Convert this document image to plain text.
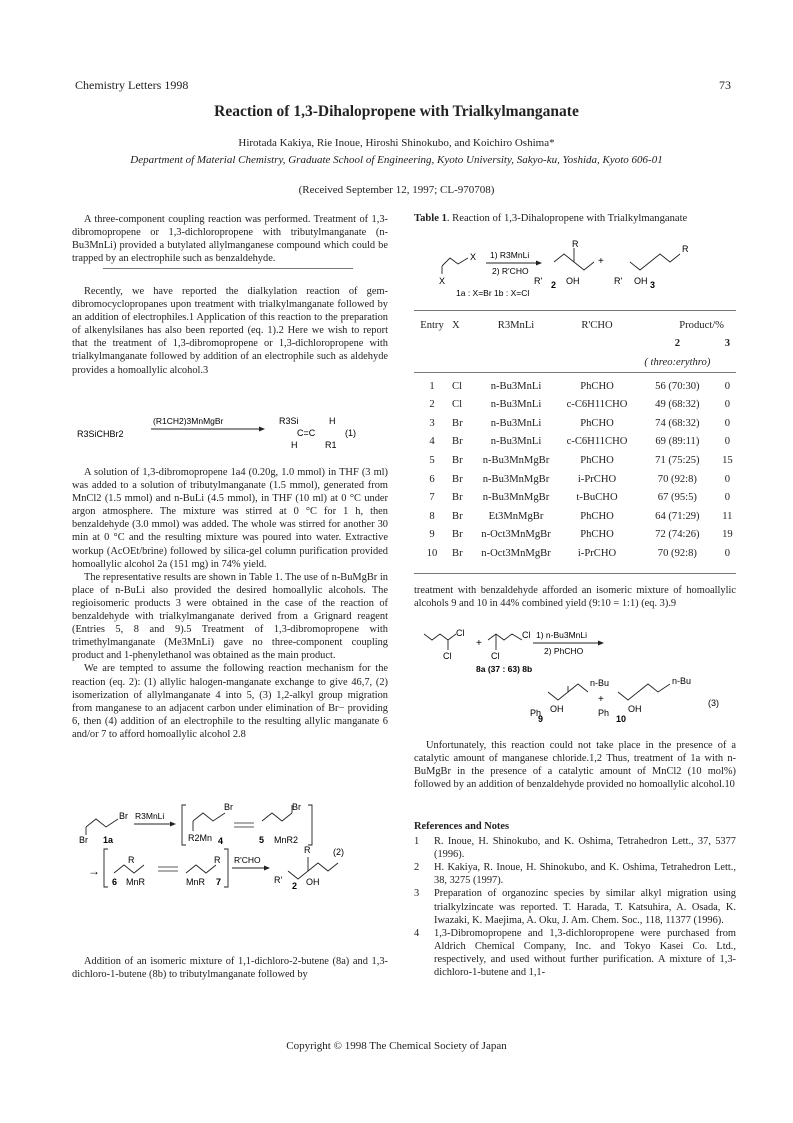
Chemistry Letters 1998	73
Reaction of 1,3-Dihalopropene with Trialkylmanganate
Hirotada Kakiya, Rie Inoue, Hiroshi Shinokubo, and Koichiro Oshima*
Department of Material Chemistry, Graduate School of Engineering, Kyoto University, Sakyo-ku, Yoshida, Kyoto 606-01
(Received September 12, 1997; CL-970708)

A three-component coupling reaction was performed. Treatment of 1,3-dibromopropene or 1,3-dichloropropene with tributylmanganate (n-Bu3MnLi) provided a butylated allylmanganese compound which could be trapped by an electrophile such as benzaldehyde.

Recently, we have reported the dialkylation reaction of gem-dibromocyclopropanes upon treatment with trialkylmanganate followed by an addition of electrophiles.1 Application of this reaction to the preparation of alkenylsilanes has also been reported (eq. 1).2 Here we wish to report that the treatment of 1,3-dibromopropene or 1,3-dichloropropene with trialkylmanganate followed by addition of an electrophile such as aldehyde provides a homoallylic alcohol.3

R3SiCHBr2
(R1CH2)3MnMgBr	R3Si
C=C
H
H	R1
(1)

A solution of 1,3-dibromopropene 1a4 (0.20g, 1.0 mmol) in THF (3 ml) was added to a solution of tributylmanganate (1.5 mmol), generated from MnCl2 (1.5 mmol) and n-BuLi (4.5 mmol), in THF (10 ml) at 0 °C under argon atmosphere. The mixture was stirred at 0 °C for 1 h, then benzaldehyde (3.0 mmol) was added. The whole was stirred for another 30 min at 0 °C and the resulting mixture was poured into water. Extractive workup (AcOEt/brine) followed by silica-gel column purification provided homoallylic alcohol 2a (151 mg) in 74% yield.

The representative results are shown in Table 1. The use of n-BuMgBr in place of n-BuLi also provided the desired homoallylic alcohols. The regioisomeric products 3 were obtained in the case of the reaction of benzaldehyde with trialkylmanganate derived from a Grignard reagent (Entries 5, 8 and 9).5 Treatment of 1,3-dibromopropene with trimethylmanganate (Me3MnLi) gave no three-component coupling product and 1-phenylethanol was obtained as the main product.

We are tempted to assume the following reaction mechanism for the reaction (eq. 2): (1) allylic halogen-manganate exchange to give 46,7, (2) isomerization of allylmanganate 4 into 5, (3) 1,2-alkyl group migration from manganese to an adjacent carbon under elimination of Br− providing 6, then (4) addition of an electrophile to the resulting allylic manganate 6 and/or 7 to afford homoallylic alcohol 2.8

Br
Br 1a
R3MnLi
Br
R2Mn 4
Br
5 MnR2
(2)
→
R
6 MnR
R
MnR 7
R'CHO
R
R'
2 OH

Addition of an isomeric mixture of 1,1-dichloro-2-butene (8a) and 1,3-dichloro-1-butene (8b) to tributylmanganate followed by

Table 1. Reaction of 1,3-Dihalopropene with Trialkylmanganate
X
X
1) R3MnLi
2) R'CHO
R
R' 2 OH
+
R
R' OH 3
1a : X=Br 1b : X=Cl
Entry	X	R3MnLi	R'CHO	Product/%	
				2	3
				( threo:erythro)	

1	Cl	n-Bu3MnLi	PhCHO	56 (70:30)	0
2	Cl	n-Bu3MnLi	c-C6H11CHO	49 (68:32)	0
3	Br	n-Bu3MnLi	PhCHO	74 (68:32)	0
4	Br	n-Bu3MnLi	c-C6H11CHO	69 (89:11)	0
5	Br	n-Bu3MnMgBr	PhCHO	71 (75:25)	15
6	Br	n-Bu3MnMgBr	i-PrCHO	70 (92:8)	0
7	Br	n-Bu3MnMgBr	t-BuCHO	67 (95:5)	0
8	Br	Et3MnMgBr	PhCHO	64 (71:29)	11
9	Br	n-Oct3MnMgBr	PhCHO	72 (74:26)	19
10	Br	n-Oct3MnMgBr	i-PrCHO	70 (92:8)	0

treatment with benzaldehyde afforded an isomeric mixture of homoallylic alcohols 9 and 10 in 44% combined yield (9:10 = 1:1) (eq. 3).9

Cl
Cl
+
Cl
Cl 1) n-Bu3MnLi
2) PhCHO
8a (37 : 63) 8b
n-Bu
Ph OH
9
+
n-Bu
Ph OH
10
(3)

Unfortunately, this reaction could not take place in the presence of a catalytic amount of manganese chloride.1,2 Thus, treatment of 1a with n-BuMgBr in the presence of a catalytic amount of MnCl2 (10 mol%) followed by an addition of benzaldehyde provided no homoallylic alcohol.10

References and Notes

1 R. Inoue, H. Shinokubo, and K. Oshima, Tetrahedron Lett., 37, 5377 (1996).

2 H. Kakiya, R. Inoue, H. Shinokubo, and K. Oshima, Tetrahedron Lett., 38, 3275 (1997).

3 Preparation of organozinc species by similar alkyl migration using trialkylzincate was reported. T. Harada, T. Katsuhira, A. Osada, K. Iwazaki, K. Maejima, A. Oku, J. Am. Chem. Soc., 118, 11377 (1996).

4 1,3-Dibromopropene and 1,3-dichloropropene were purchased from Aldrich Chemical Company, Inc. and Tokyo Kasei Co. Ltd., respectively, and used without further purification. A mixture of 1,3-dichloro-1-butene and 1,1-

Copyright © 1998 The Chemical Society of Japan
